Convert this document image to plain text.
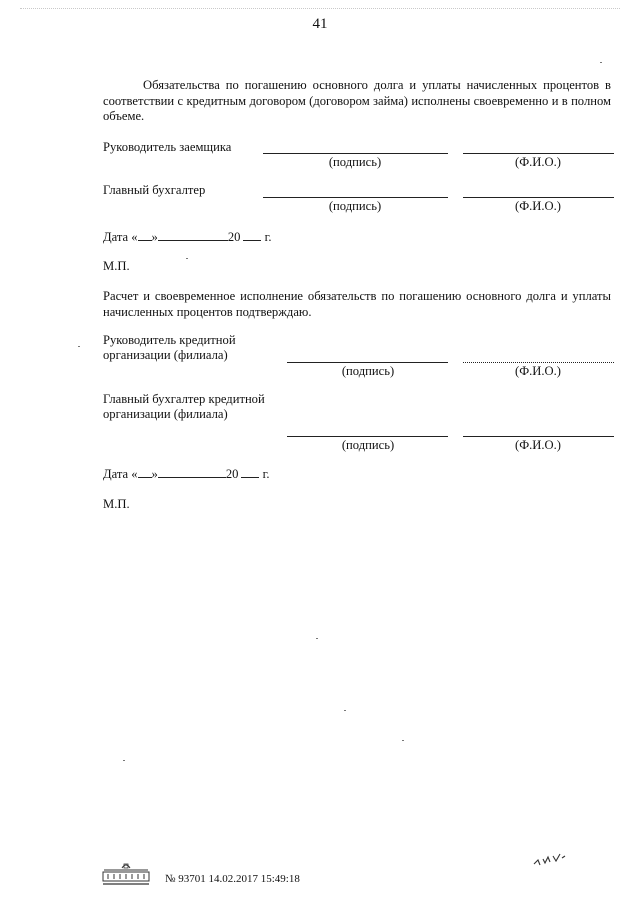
41
Обязательства по погашению основного долга и уплаты начисленных процентов в соответствии с кредитным договором (договором займа) исполнены своевременно и в полном объеме.
Руководитель заемщика
(подпись)	(Ф.И.О.)
Главный бухгалтер
(подпись)	(Ф.И.О.)
Дата « »	20 г.
М.П.
Расчет и своевременное исполнение обязательств по погашению основного долга и уплаты начисленных процентов подтверждаю.
Руководитель кредитной
организации (филиала)
(подпись)	(Ф.И.О.)
Главный бухгалтер кредитной
организации (филиала)
(подпись)	(Ф.И.О.)
Дата « »	20 г.
М.П.
№ 93701 14.02.2017 15:49:18
